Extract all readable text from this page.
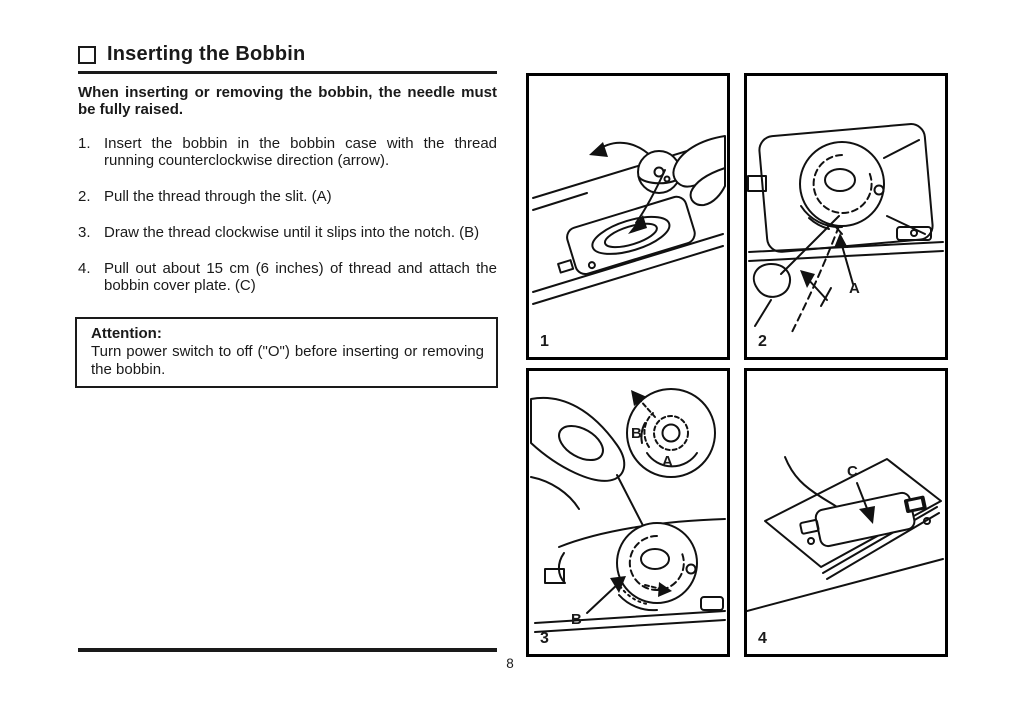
Inserting the Bobbin

When inserting or removing the bobbin, the needle must be fully raised.

1. Insert the bobbin in the bobbin case with the thread running counterclockwise direction (arrow).
2. Pull the thread through the slit. (A)
3. Draw the thread clockwise until it slips into the notch. (B)
4. Pull out about 15 cm (6 inches) of thread and attach the bobbin cover plate. (C)
Attention:
Turn power switch to off ("O") before inserting or removing the bobbin.
8
1
A
2
B
A
B
3
C
4
